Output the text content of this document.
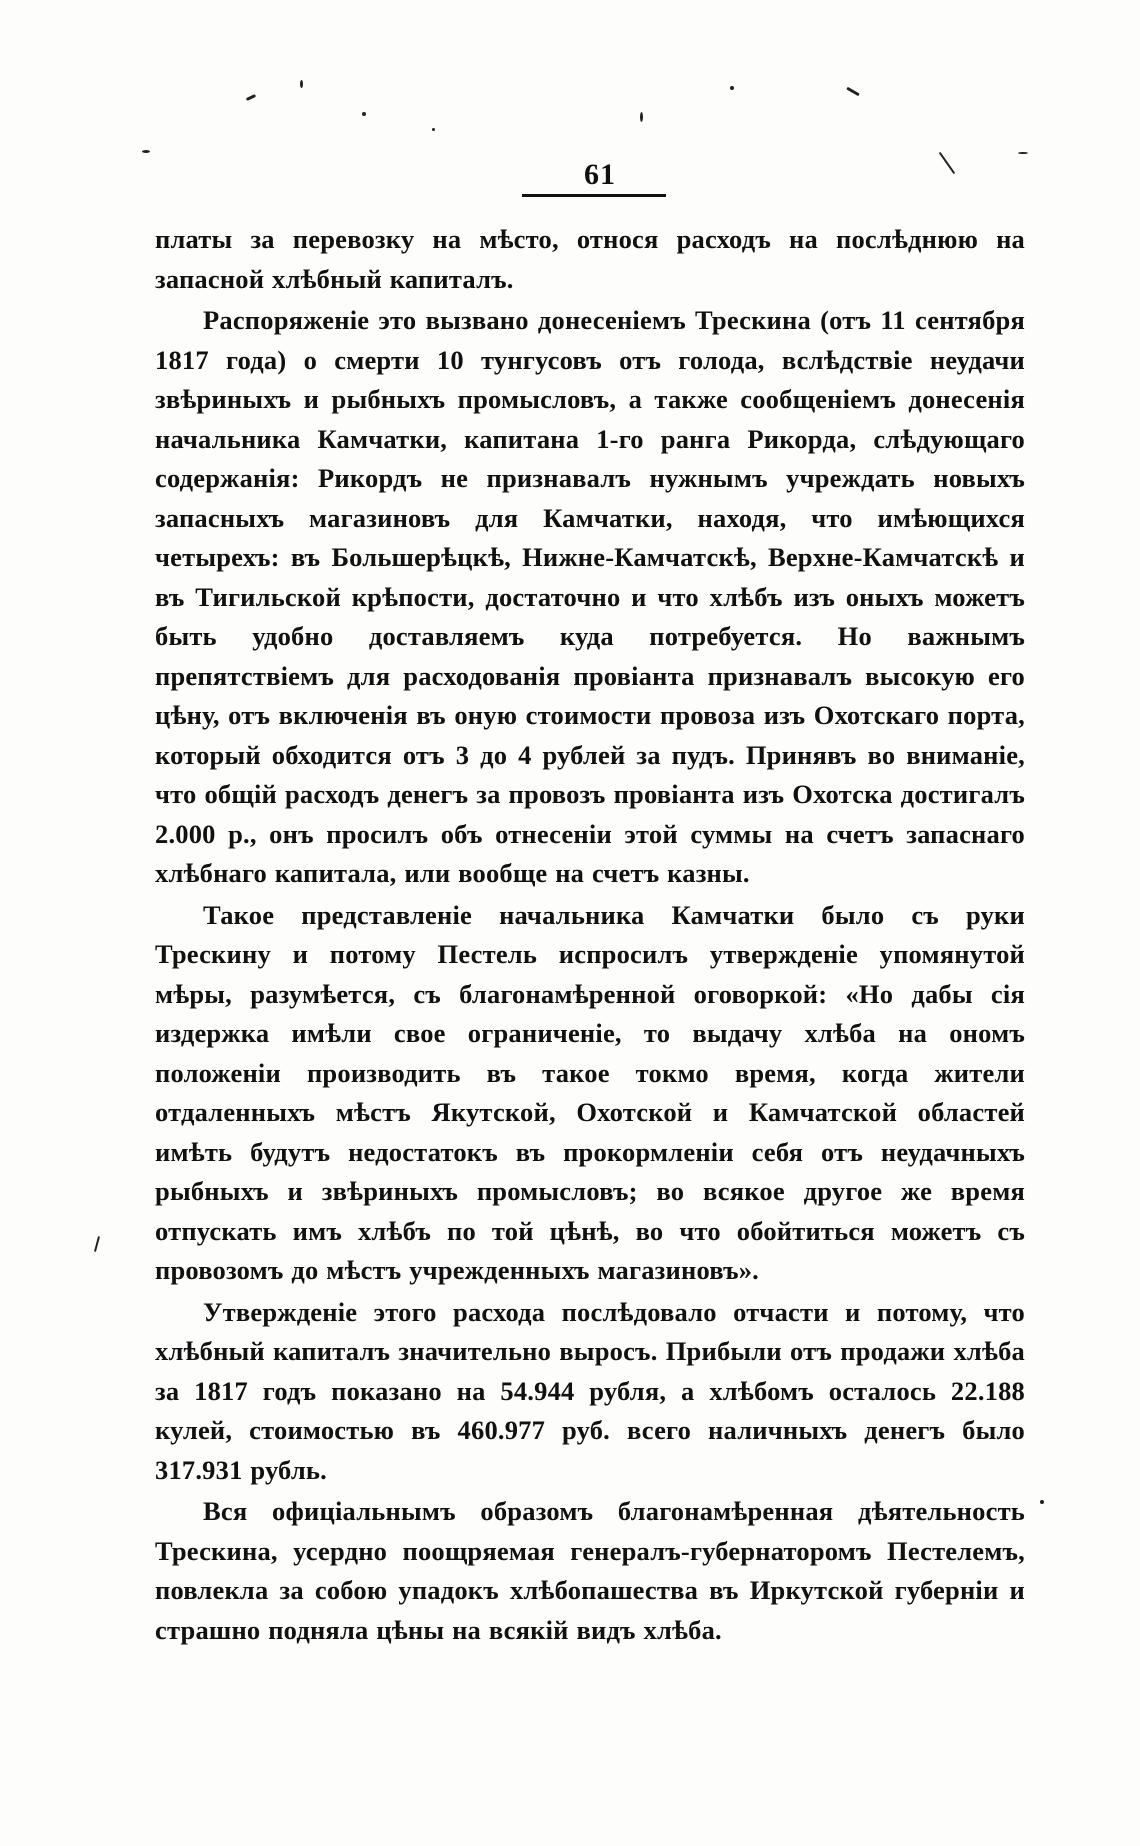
61

платы за перевозку на мѣсто, относя расходъ на послѣднюю на запасной хлѣбный капиталъ.

Распоряженіе это вызвано донесеніемъ Трескина (отъ 11 сентября 1817 года) о смерти 10 тунгусовъ отъ голода, вслѣдствіе неудачи звѣриныхъ и рыбныхъ промысловъ, а также сообщеніемъ донесенія начальника Камчатки, капитана 1-го ранга Рикорда, слѣдующаго содержанія: Рикордъ не признавалъ нужнымъ учреждать новыхъ запасныхъ магазиновъ для Камчатки, находя, что имѣющихся четырехъ: въ Большерѣцкѣ, Нижне-Камчатскѣ, Верхне-Камчатскѣ и въ Тигильской крѣпости, достаточно и что хлѣбъ изъ оныхъ можетъ быть удобно доставляемъ куда потребуется. Но важнымъ препятствіемъ для расходованія провіанта признавалъ высокую его цѣну, отъ включенія въ оную стоимости провоза изъ Охотскаго порта, который обходится отъ 3 до 4 рублей за пудъ. Принявъ во вниманіе, что общій расходъ денегъ за провозъ провіанта изъ Охотска достигалъ 2.000 р., онъ просилъ объ отнесеніи этой суммы на счетъ запаснаго хлѣбнаго капитала, или вообще на счетъ казны.

Такое представленіе начальника Камчатки было съ руки Трескину и потому Пестель испросилъ утвержденіе упомянутой мѣры, разумѣется, съ благонамѣренной оговоркой: «Но дабы сія издержка имѣли свое ограниченіе, то выдачу хлѣба на ономъ положеніи производить въ такое токмо время, когда жители отдаленныхъ мѣстъ Якутской, Охотской и Камчатской областей имѣть будутъ недостатокъ въ прокормленіи себя отъ неудачныхъ рыбныхъ и звѣриныхъ промысловъ; во всякое другое же время отпускать имъ хлѣбъ по той цѣнѣ, во что обойтиться можетъ съ провозомъ до мѣстъ учрежденныхъ магазиновъ».

Утвержденіе этого расхода послѣдовало отчасти и потому, что хлѣбный капиталъ значительно выросъ. Прибыли отъ продажи хлѣба за 1817 годъ показано на 54.944 рубля, а хлѣбомъ осталось 22.188 кулей, стоимостью въ 460.977 руб. всего наличныхъ денегъ было 317.931 рубль.

Вся офиціальнымъ образомъ благонамѣренная дѣятельность Трескина, усердно поощряемая генералъ-губернаторомъ Пестелемъ, повлекла за собою упадокъ хлѣбопашества въ Иркутской губерніи и страшно подняла цѣны на всякій видъ хлѣба.
